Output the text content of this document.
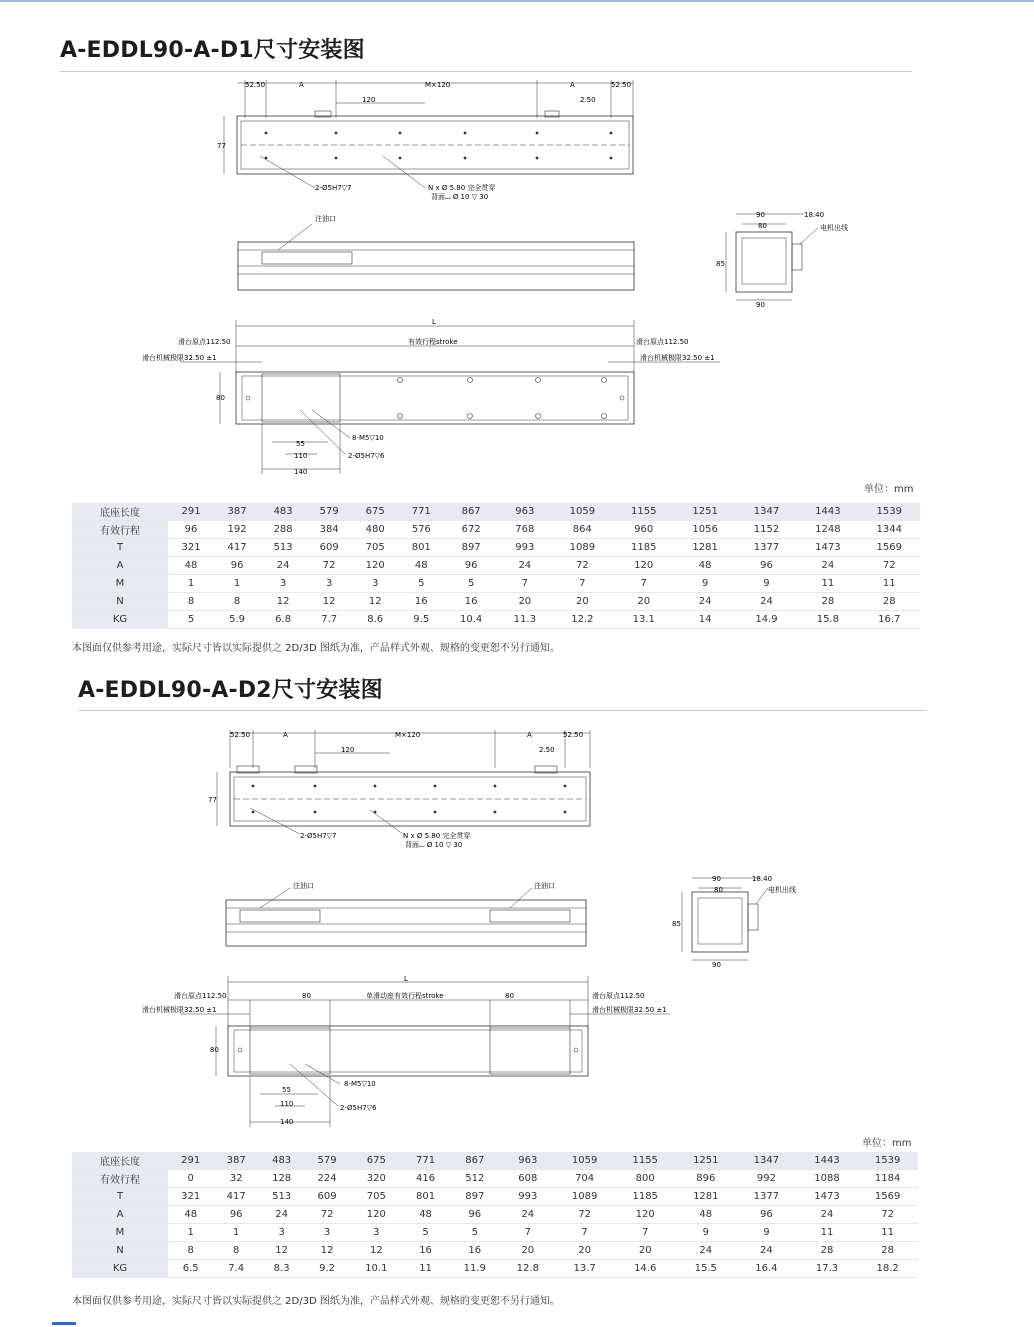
A-EDDL90-A-D1尺寸安装图
52.50	A	M×120	A	52.50
120	2.50
77
2-Ø5H7▽7	N x Ø 5.80 完全贯穿
背面⌴ Ø 10 ▽ 30
注油口	90
80
18.40
电机出线
85
90
L
有效行程stroke
滑台原点112.50
滑台机械极限32.50 ±1
滑台原点112.50
滑台机械极限32.50 ±1
80
8-M5▽10
2-Ø5H7▽6
55
110
140
单位：mm
底座长度	291	387	483	579	675	771	867	963	1059	1155	1251	1347	1443	1539
有效行程	96	192	288	384	480	576	672	768	864	960	1056	1152	1248	1344
T	321	417	513	609	705	801	897	993	1089	1185	1281	1377	1473	1569
A	48	96	24	72	120	48	96	24	72	120	48	96	24	72
M	1	1	3	3	3	5	5	7	7	7	9	9	11	11
N	8	8	12	12	12	16	16	20	20	20	24	24	28	28
KG	5	5.9	6.8	7.7	8.6	9.5	10.4	11.3	12.2	13.1	14	14.9	15.8	16.7
本图面仅供参考用途，实际尺寸皆以实际提供之 2D/3D 图纸为准，产品样式外观、规格的变更恕不另行通知。
A-EDDL90-A-D2尺寸安装图
52.50	A	M×120	A	52.50
120	2.50
77
2-Ø5H7▽7	N x Ø 5.80 完全贯穿
背面⌴ Ø 10 ▽ 30
注油口	注油口
90
80
18.40
电机出线
85
90
L
单滑动座有效行程stroke
80	80
滑台原点112.50
滑台机械极限32.50 ±1
滑台原点112.50
滑台机械极限32.50 ±1
80
8-M5▽10
2-Ø5H7▽6
55
110
140
单位：mm
底座长度	291	387	483	579	675	771	867	963	1059	1155	1251	1347	1443	1539
有效行程	0	32	128	224	320	416	512	608	704	800	896	992	1088	1184
T	321	417	513	609	705	801	897	993	1089	1185	1281	1377	1473	1569
A	48	96	24	72	120	48	96	24	72	120	48	96	24	72
M	1	1	3	3	3	5	5	7	7	7	9	9	11	11
N	8	8	12	12	12	16	16	20	20	20	24	24	28	28
KG	6.5	7.4	8.3	9.2	10.1	11	11.9	12.8	13.7	14.6	15.5	16.4	17.3	18.2
本图面仅供参考用途，实际尺寸皆以实际提供之 2D/3D 图纸为准，产品样式外观、规格的变更恕不另行通知。
